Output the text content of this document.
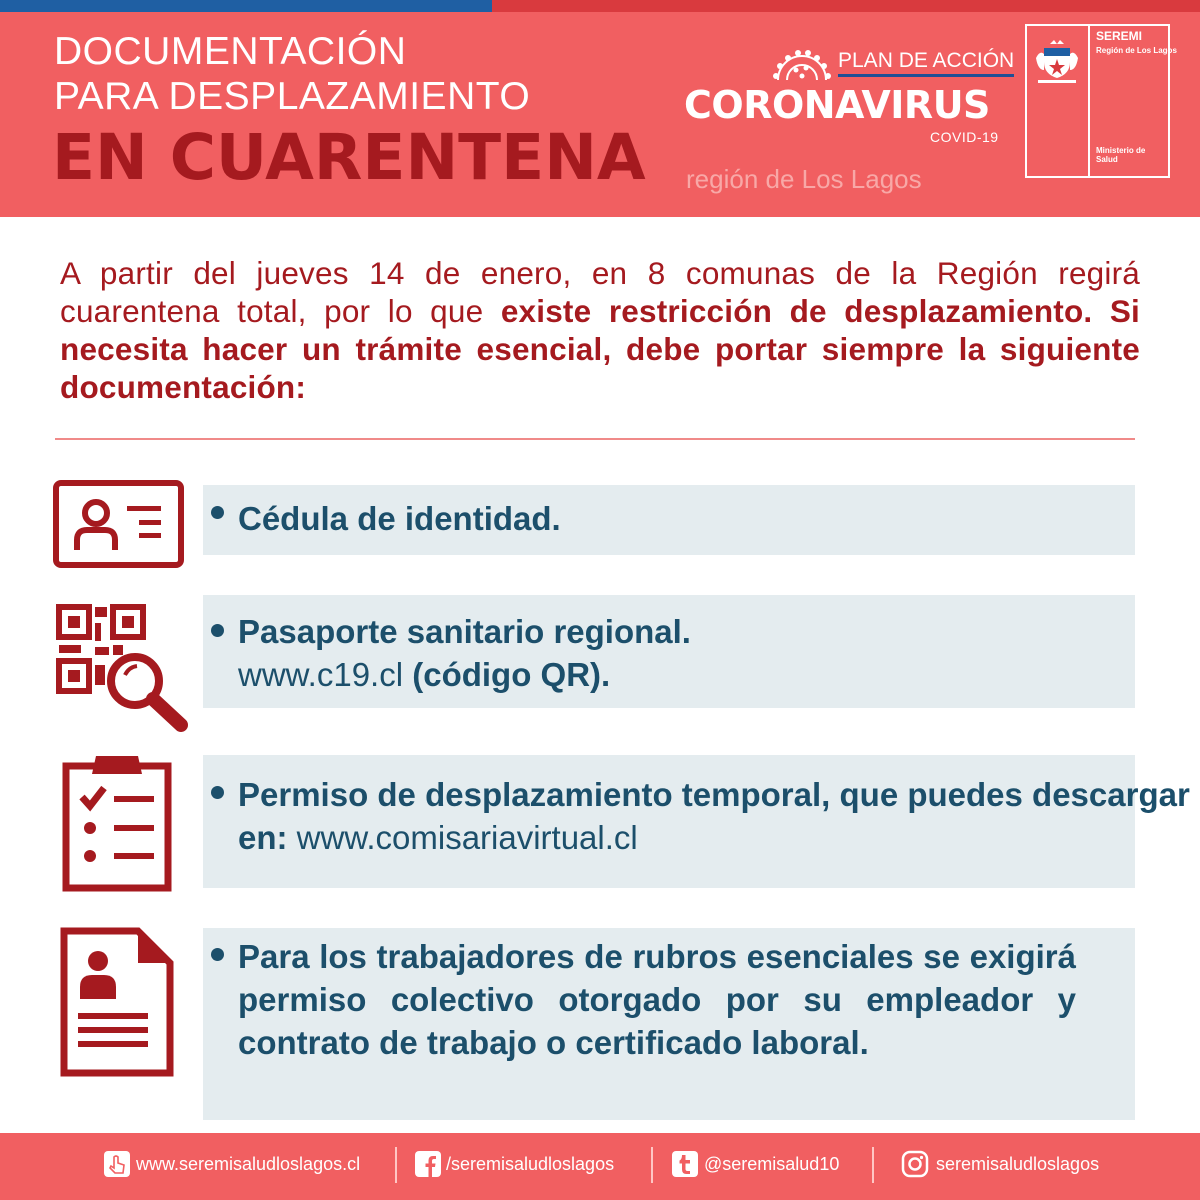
DOCUMENTACIÓN
PARA DESPLAZAMIENTO
EN CUARENTENA región de Los Lagos
PLAN DE ACCIÓN
CORONAVIRUS
COVID-19
SEREMI
Región de Los Lagos
Ministerio de Salud
A partir del jueves 14 de enero, en 8 comunas de la Región regirá cuarentena total, por lo que existe restricción de desplazamiento. Si necesita hacer un trámite esencial, debe portar siempre la siguiente documentación:
Cédula de identidad.
Pasaporte sanitario regional.
www.c19.cl (código QR).
Permiso de desplazamiento temporal, que puedes descargar en: www.comisariavirtual.cl
Para los trabajadores de rubros esenciales se exigirá permiso colectivo otorgado por su empleador y contrato de trabajo o certificado laboral.
www.seremisaludloslagos.cl	/seremisaludloslagos	@seremisalud10	seremisaludloslagos
